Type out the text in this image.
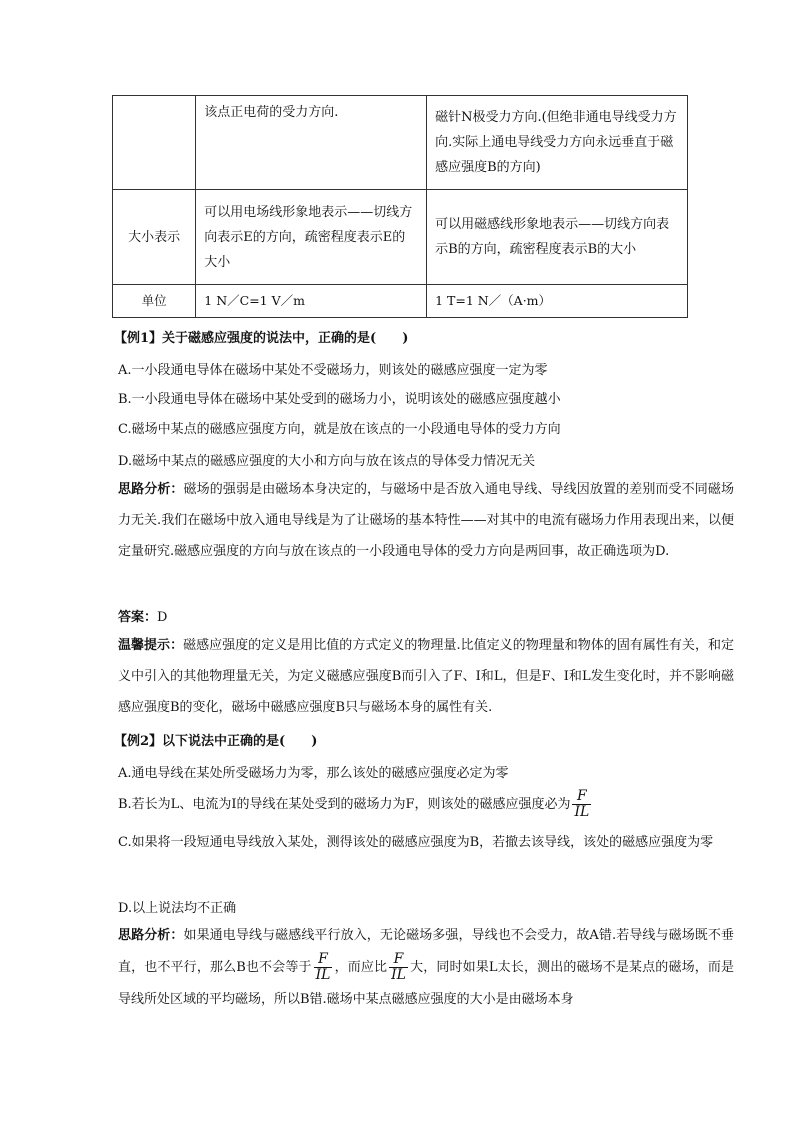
	该点正电荷的受力方向.	磁针N极受力方向.(但绝非通电导线受力方向.实际上通电导线受力方向永远垂直于磁感应强度B的方向)
大小表示	可以用电场线形象地表示——切线方向表示E的方向，疏密程度表示E的大小	可以用磁感线形象地表示——切线方向表示B的方向，疏密程度表示B的大小
单位	1 N／C=1 V／m	1 T=1 N／（A·m）
【例1】关于磁感应强度的说法中，正确的是(　　)
A.一小段通电导体在磁场中某处不受磁场力，则该处的磁感应强度一定为零
B.一小段通电导体在磁场中某处受到的磁场力小，说明该处的磁感应强度越小
C.磁场中某点的磁感应强度方向，就是放在该点的一小段通电导体的受力方向
D.磁场中某点的磁感应强度的大小和方向与放在该点的导体受力情况无关
思路分析：磁场的强弱是由磁场本身决定的，与磁场中是否放入通电导线、导线因放置的差别而受不同磁场力无关.我们在磁场中放入通电导线是为了让磁场的基本特性——对其中的电流有磁场力作用表现出来，以便定量研究.磁感应强度的方向与放在该点的一小段通电导体的受力方向是两回事，故正确选项为D.
答案：D
温馨提示：磁感应强度的定义是用比值的方式定义的物理量.比值定义的物理量和物体的固有属性有关，和定义中引入的其他物理量无关，为定义磁感应强度B而引入了F、I和L，但是F、I和L发生变化时，并不影响磁感应强度B的变化，磁场中磁感应强度B只与磁场本身的属性有关.
【例2】以下说法中正确的是(　　)
A.通电导线在某处所受磁场力为零，那么该处的磁感应强度必定为零
B.若长为L、电流为I的导线在某处受到的磁场力为F，则该处的磁感应强度必为 $\frac{F}{IL}$
C.如果将一段短通电导线放入某处，测得该处的磁感应强度为B，若撤去该导线，该处的磁感应强度为零
D.以上说法均不正确
思路分析：如果通电导线与磁感线平行放入，无论磁场多强，导线也不会受力，故A错.若导线与磁场既不垂直，也不平行，那么B也不会等于 $\frac{F}{IL}$ ，而应比 $\frac{F}{IL}$ 大，同时如果L太长，测出的磁场不是某点的磁场，而是导线所处区域的平均磁场，所以B错.磁场中某点磁感应强度的大小是由磁场本身
